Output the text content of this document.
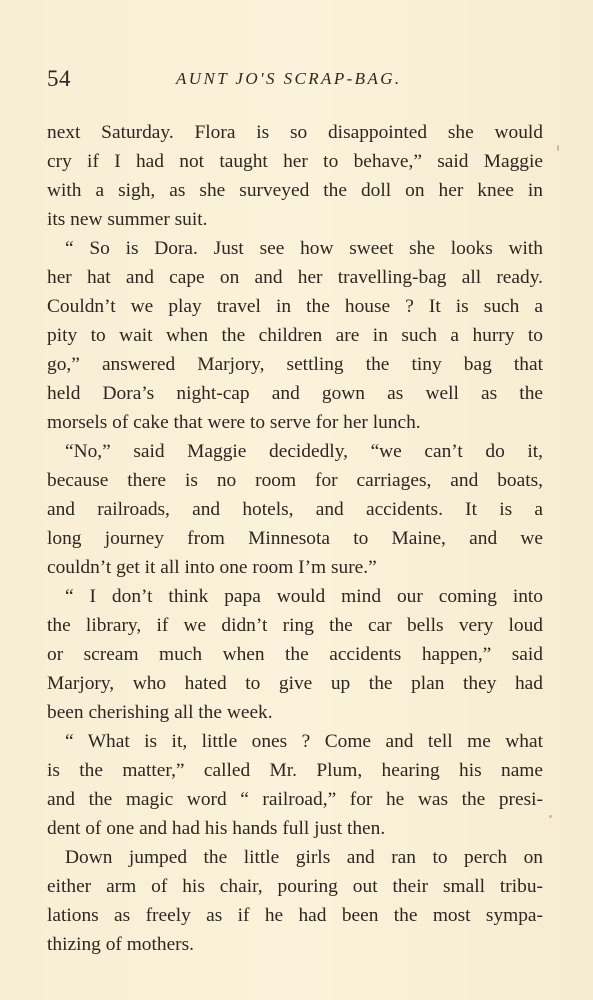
54	AUNT JO'S SCRAP-BAG.
next Saturday. Flora is so disappointed she would
cry if I had not taught her to behave,” said Maggie
with a sigh, as she surveyed the doll on her knee in
its new summer suit.
“ So is Dora. Just see how sweet she looks with
her hat and cape on and her travelling-bag all ready.
Couldn’t we play travel in the house ? It is such a
pity to wait when the children are in such a hurry to
go,” answered Marjory, settling the tiny bag that
held Dora’s night-cap and gown as well as the
morsels of cake that were to serve for her lunch.
“No,” said Maggie decidedly, “we can’t do it,
because there is no room for carriages, and boats,
and railroads, and hotels, and accidents. It is a
long journey from Minnesota to Maine, and we
couldn’t get it all into one room I’m sure.”
“ I don’t think papa would mind our coming into
the library, if we didn’t ring the car bells very loud
or scream much when the accidents happen,” said
Marjory, who hated to give up the plan they had
been cherishing all the week.
“ What is it, little ones ? Come and tell me what
is the matter,” called Mr. Plum, hearing his name
and the magic word “ railroad,” for he was the presi-
dent of one and had his hands full just then.
Down jumped the little girls and ran to perch on
either arm of his chair, pouring out their small tribu-
lations as freely as if he had been the most sympa-
thizing of mothers.
